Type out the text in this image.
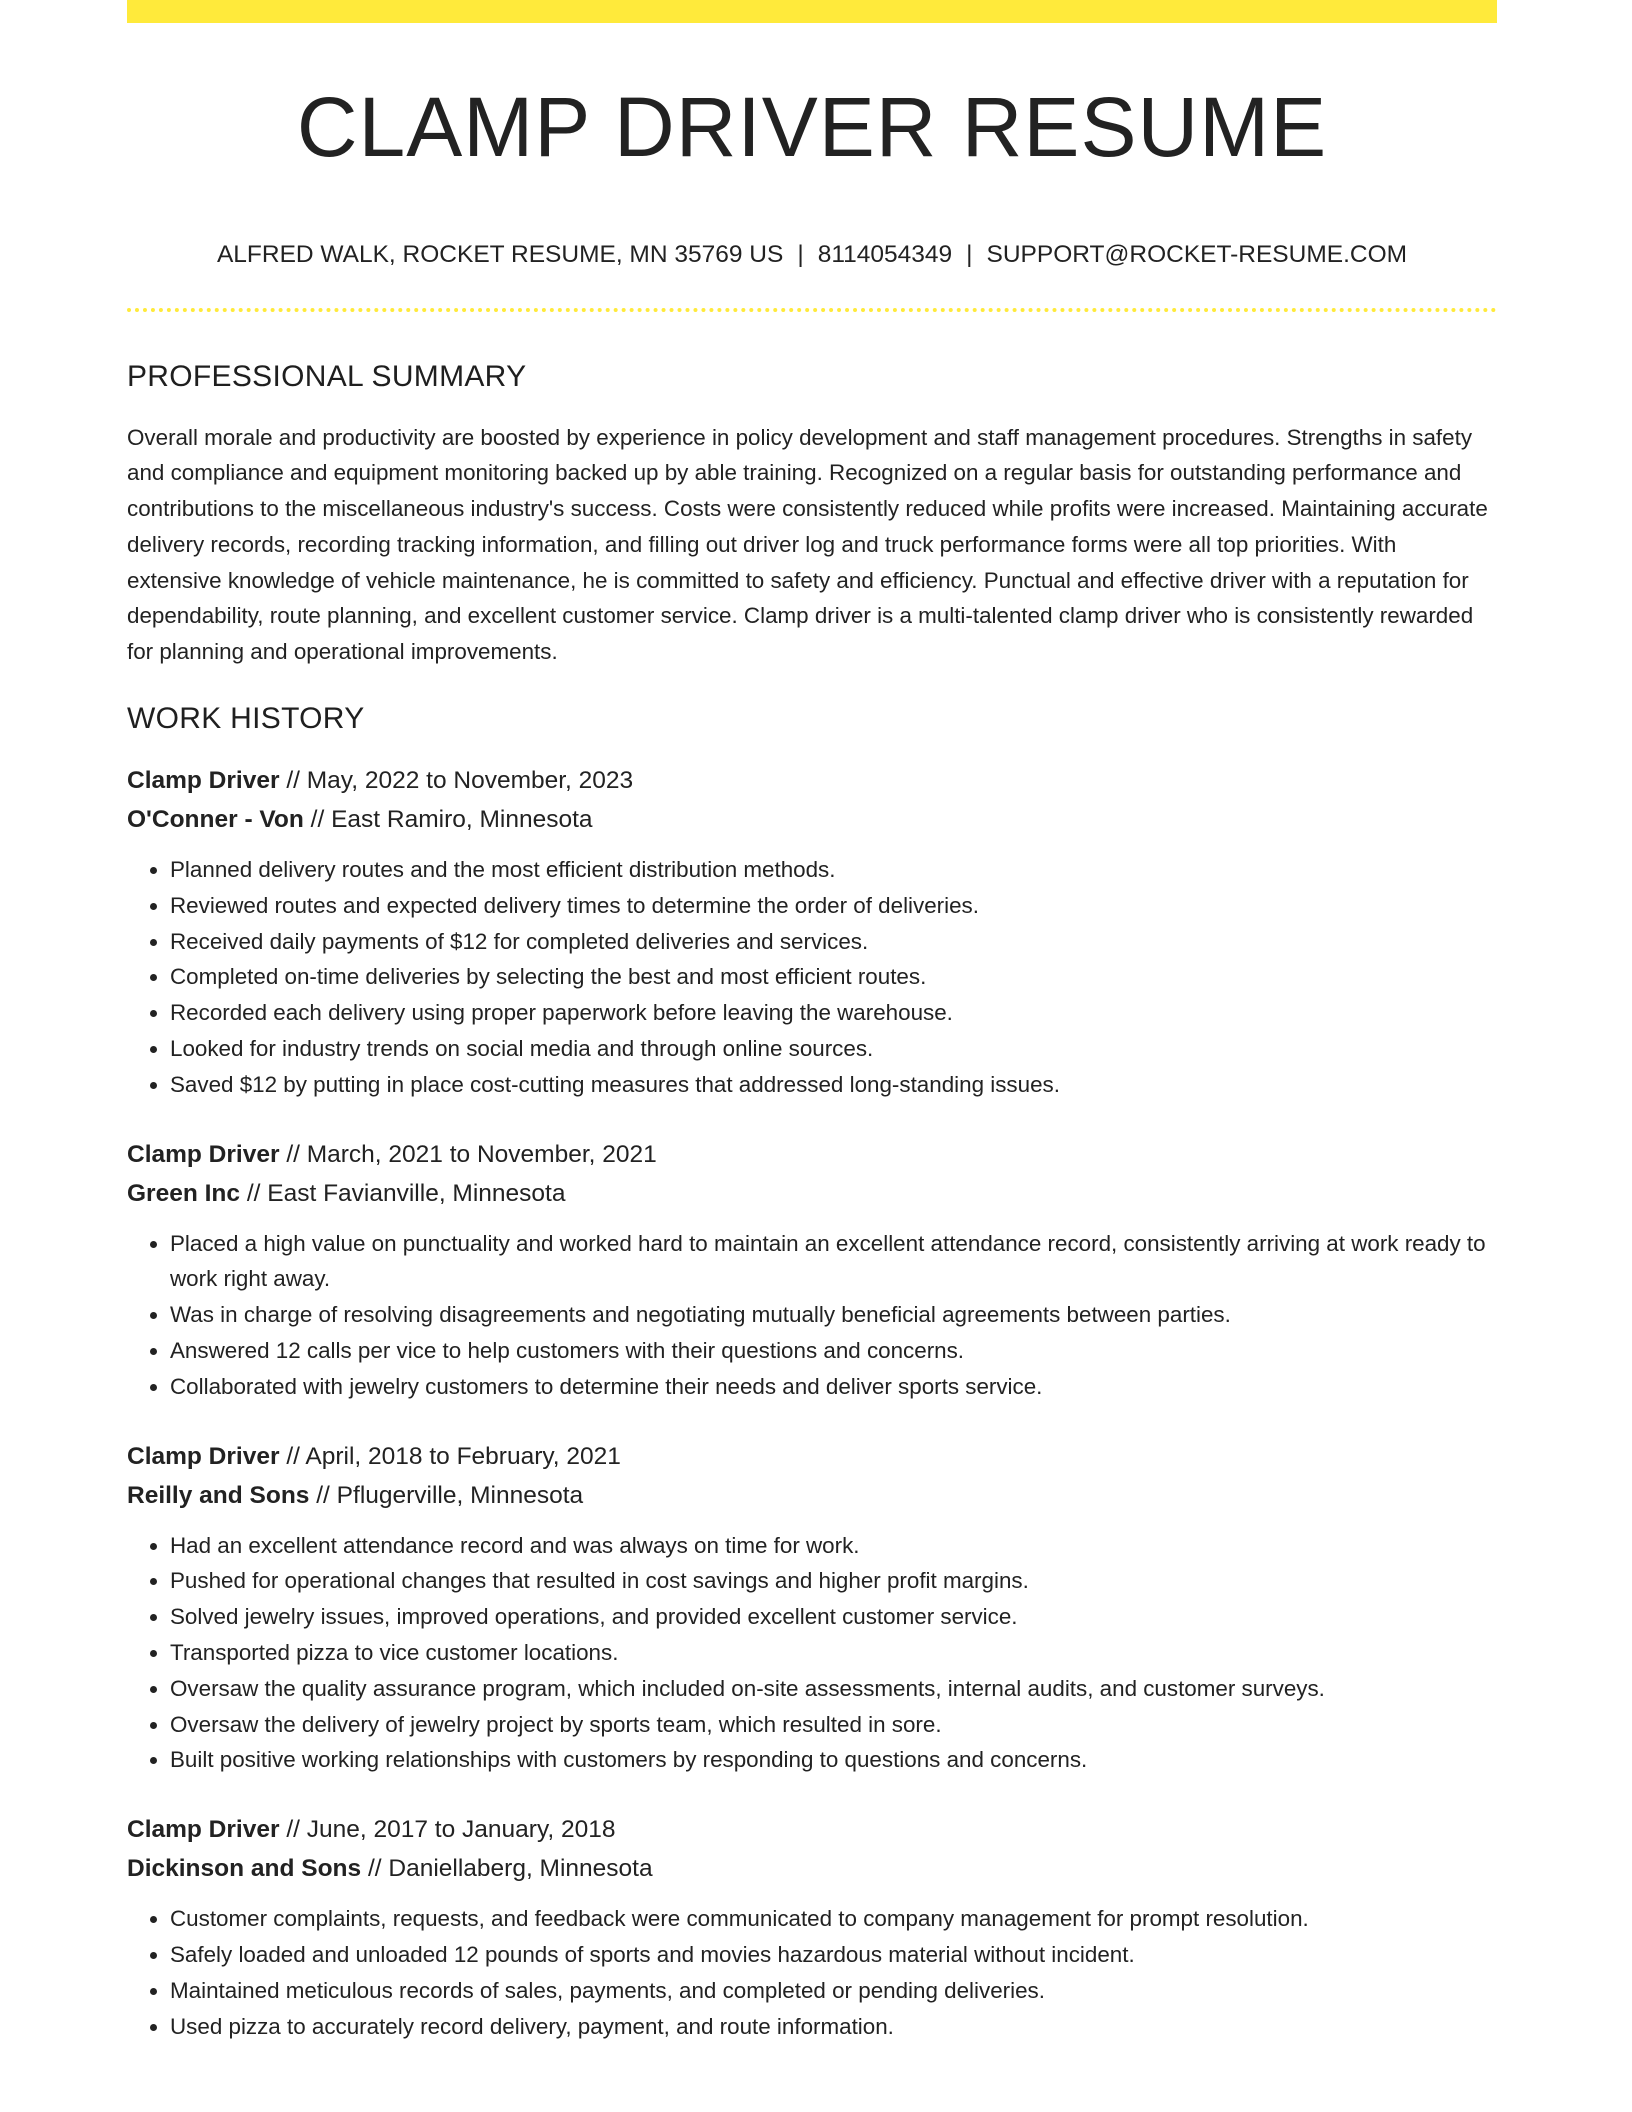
CLAMP DRIVER RESUME
ALFRED WALK, ROCKET RESUME, MN 35769 US | 8114054349 | SUPPORT@ROCKET-RESUME.COM
PROFESSIONAL SUMMARY
Overall morale and productivity are boosted by experience in policy development and staff management procedures. Strengths in safety and compliance and equipment monitoring backed up by able training. Recognized on a regular basis for outstanding performance and contributions to the miscellaneous industry's success. Costs were consistently reduced while profits were increased. Maintaining accurate delivery records, recording tracking information, and filling out driver log and truck performance forms were all top priorities. With extensive knowledge of vehicle maintenance, he is committed to safety and efficiency. Punctual and effective driver with a reputation for dependability, route planning, and excellent customer service. Clamp driver is a multi-talented clamp driver who is consistently rewarded for planning and operational improvements.
WORK HISTORY
Clamp Driver // May, 2022 to November, 2023
O'Conner - Von // East Ramiro, Minnesota
• Planned delivery routes and the most efficient distribution methods.
• Reviewed routes and expected delivery times to determine the order of deliveries.
• Received daily payments of $12 for completed deliveries and services.
• Completed on-time deliveries by selecting the best and most efficient routes.
• Recorded each delivery using proper paperwork before leaving the warehouse.
• Looked for industry trends on social media and through online sources.
• Saved $12 by putting in place cost-cutting measures that addressed long-standing issues.
Clamp Driver // March, 2021 to November, 2021
Green Inc // East Favianville, Minnesota
• Placed a high value on punctuality and worked hard to maintain an excellent attendance record, consistently arriving at work ready to work right away.
• Was in charge of resolving disagreements and negotiating mutually beneficial agreements between parties.
• Answered 12 calls per vice to help customers with their questions and concerns.
• Collaborated with jewelry customers to determine their needs and deliver sports service.
Clamp Driver // April, 2018 to February, 2021
Reilly and Sons // Pflugerville, Minnesota
• Had an excellent attendance record and was always on time for work.
• Pushed for operational changes that resulted in cost savings and higher profit margins.
• Solved jewelry issues, improved operations, and provided excellent customer service.
• Transported pizza to vice customer locations.
• Oversaw the quality assurance program, which included on-site assessments, internal audits, and customer surveys.
• Oversaw the delivery of jewelry project by sports team, which resulted in sore.
• Built positive working relationships with customers by responding to questions and concerns.
Clamp Driver // June, 2017 to January, 2018
Dickinson and Sons // Daniellaberg, Minnesota
• Customer complaints, requests, and feedback were communicated to company management for prompt resolution.
• Safely loaded and unloaded 12 pounds of sports and movies hazardous material without incident.
• Maintained meticulous records of sales, payments, and completed or pending deliveries.
• Used pizza to accurately record delivery, payment, and route information.
